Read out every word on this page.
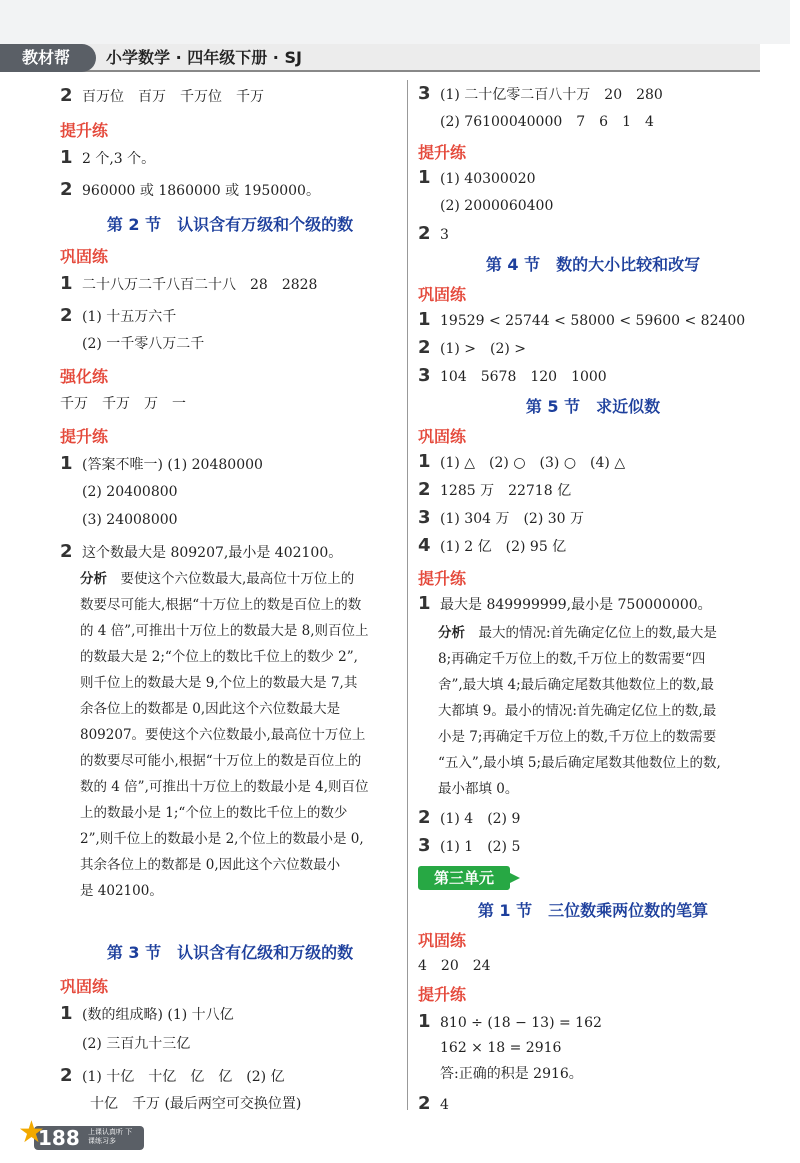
教材帮	小学数学 · 四年级下册 · SJ
2 百万位　百万　千万位　千万
提升练
1 2 个,3 个。
2 960000 或 1860000 或 1950000。
第 2 节　认识含有万级和个级的数
巩固练
1 二十八万二千八百二十八　28　2828
2 (1) 十五万六千
(2) 一千零八万二千
强化练
千万　千万　万　一
提升练
1 (答案不唯一) (1) 20480000
(2) 20400800
(3) 24008000
2 这个数最大是 809207,最小是 402100。
分析　 要使这个六位数最大,最高位十万位上的
数要尽可能大,根据“十万位上的数是百位上的数
的 4 倍”,可推出十万位上的数最大是 8,则百位上
的数最大是 2;“个位上的数比千位上的数少 2”,
则千位上的数最大是 9,个位上的数最大是 7,其
余各位上的数都是 0,因此这个六位数最大是
809207。要使这个六位数最小,最高位十万位上
的数要尽可能小,根据“十万位上的数是百位上的
数的 4 倍”,可推出十万位上的数最小是 4,则百位
上的数最小是 1;“个位上的数比千位上的数少
2”,则千位上的数最小是 2,个位上的数最小是 0,
其余各位上的数都是 0,因此这个六位数最小
是 402100。
第 3 节　认识含有亿级和万级的数
巩固练
1 (数的组成略) (1) 十八亿
(2) 三百九十三亿
2 (1) 十亿　十亿　亿　亿　(2) 亿
十亿　千万 (最后两空可交换位置)
3 (1) 二十亿零二百八十万　20　280
(2) 76100040000　7　6　1　4
提升练
1 (1) 40300020
(2) 2000060400
2 3
第 4 节　数的大小比较和改写
巩固练
1 19529 < 25744 < 58000 < 59600 < 82400
2 (1) >　(2) >
3 104　5678　120　1000
第 5 节　求近似数
巩固练
1 (1) △　(2) ○　(3) ○　(4) △
2 1285 万　22718 亿
3 (1) 304 万　(2) 30 万
4 (1) 2 亿　(2) 95 亿
提升练
1 最大是 849999999,最小是 750000000。
分析　 最大的情况:首先确定亿位上的数,最大是
8;再确定千万位上的数,千万位上的数需要“四
舍”,最大填 4;最后确定尾数其他数位上的数,最
大都填 9。最小的情况:首先确定亿位上的数,最
小是 7;再确定千万位上的数,千万位上的数需要
“五入”,最小填 5;最后确定尾数其他数位上的数,
最小都填 0。
2 (1) 4　(2) 9
3 (1) 1　(2) 5
第三单元
第 1 节　三位数乘两位数的笔算
巩固练
4　20　24
提升练
1 810 ÷ (18 − 13) = 162
162 × 18 = 2916
答:正确的积是 2916。
2 4
★
188 上课认真听 下课练习多
